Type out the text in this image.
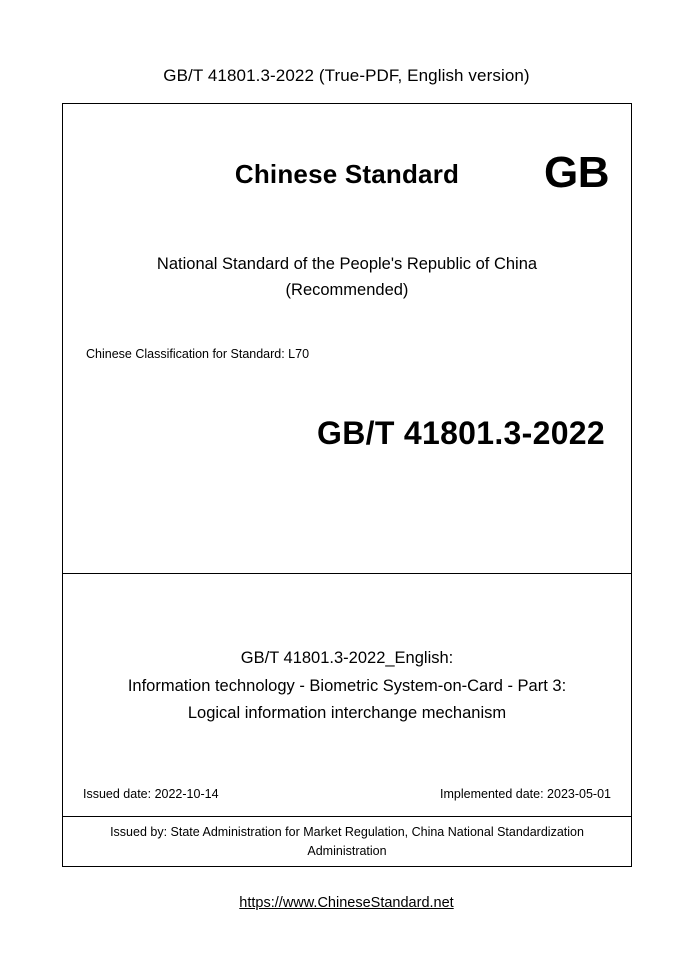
GB/T 41801.3-2022 (True-PDF, English version)
Chinese Standard	GB
National Standard of the People's Republic of China
(Recommended)
Chinese Classification for Standard: L70
GB/T 41801.3-2022
GB/T 41801.3-2022_English:
Information technology - Biometric System-on-Card - Part 3:
Logical information interchange mechanism
Issued date: 2022-10-14	Implemented date: 2023-05-01
Issued by: State Administration for Market Regulation, China National Standardization Administration
https://www.ChineseStandard.net
